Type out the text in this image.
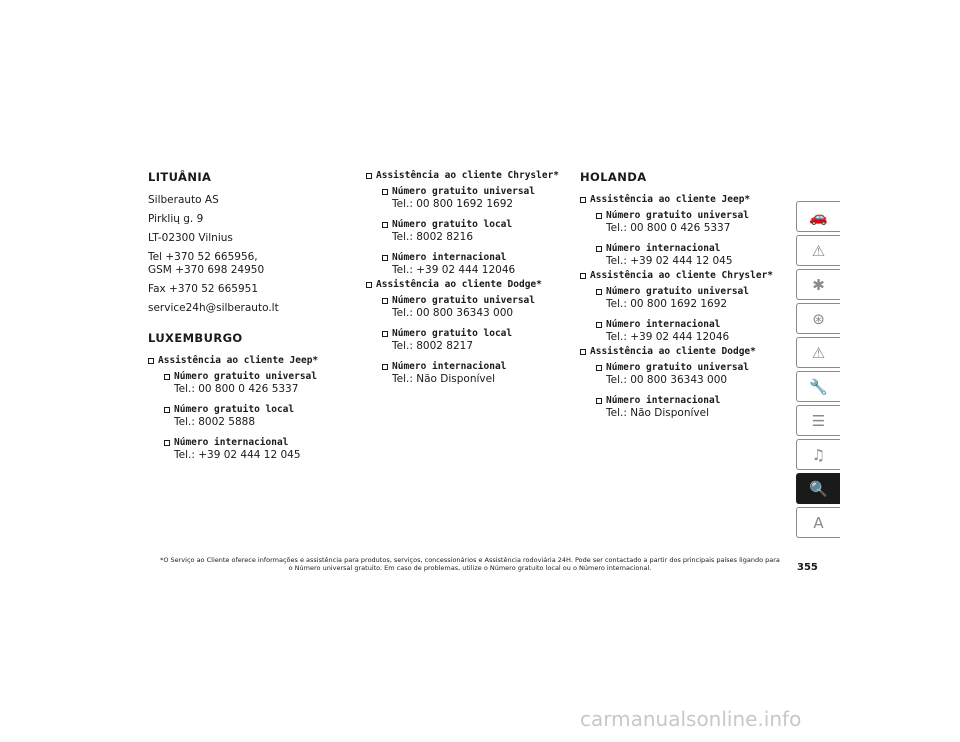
LITUÂNIA
Silberauto AS
Pirklių g. 9
LT-02300 Vilnius
Tel +370 52 665956,
GSM +370 698 24950
Fax +370 52 665951
service24h@silberauto.lt
LUXEMBURGO
Assistência ao cliente Jeep*
Número gratuito universal
Tel.: 00 800 0 426 5337
Número gratuito local
Tel.: 8002 5888
Número internacional
Tel.: +39 02 444 12 045
Assistência ao cliente Chrysler*
Número gratuito universal
Tel.: 00 800 1692 1692
Número gratuito local
Tel.: 8002 8216
Número internacional
Tel.: +39 02 444 12046
Assistência ao cliente Dodge*
Número gratuito universal
Tel.: 00 800 36343 000
Número gratuito local
Tel.: 8002 8217
Número internacional
Tel.: Não Disponível
HOLANDA
Assistência ao cliente Jeep*
Número gratuito universal
Tel.: 00 800 0 426 5337
Número internacional
Tel.: +39 02 444 12 045
Assistência ao cliente Chrysler*
Número gratuito universal
Tel.: 00 800 1692 1692
Número internacional
Tel.: +39 02 444 12046
Assistência ao cliente Dodge*
Número gratuito universal
Tel.: 00 800 36343 000
Número internacional
Tel.: Não Disponível
🚗
⚠
✱
⊛
⚠
🔧
☰
♫
🔍
A
*O Serviço ao Cliente oferece informações e assistência para produtos, serviços, concessionários e Assistência rodoviária 24H. Pode ser contactado a partir dos principais países ligando para o Número universal gratuito. Em caso de problemas, utilize o Número gratuito local ou o Número internacional.	355
carmanualsonline.info
